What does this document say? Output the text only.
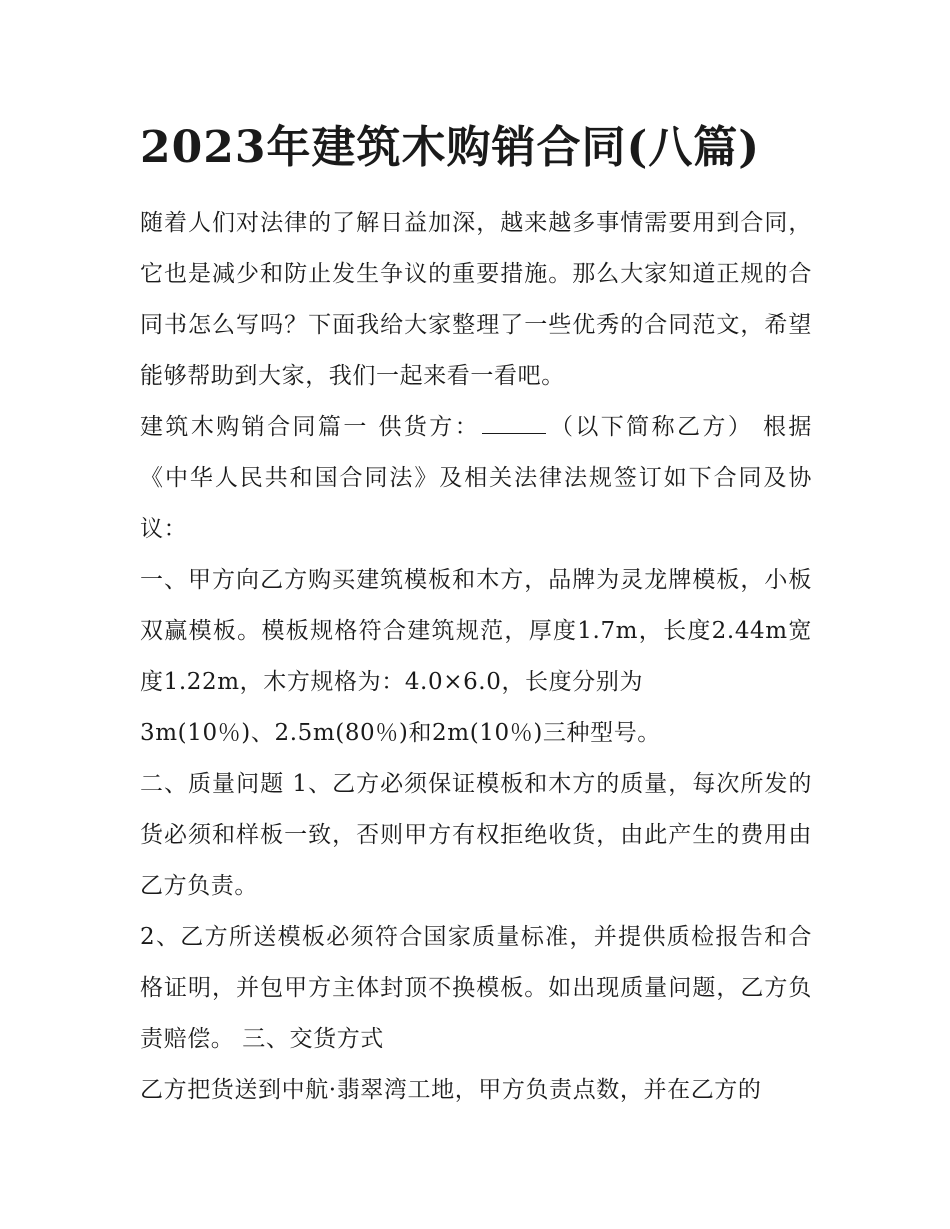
2023年建筑木购销合同(八篇)

随着人们对法律的了解日益加深，越来越多事情需要用到合同，它也是减少和防止发生争议的重要措施。那么大家知道正规的合同书怎么写吗？下面我给大家整理了一些优秀的合同范文，希望能够帮助到大家，我们一起来看一看吧。

建筑木购销合同篇一 供货方：	（以下简称乙方） 根据《中华人民共和国合同法》及相关法律法规签订如下合同及协议：

一、甲方向乙方购买建筑模板和木方，品牌为灵龙牌模板，小板双赢模板。模板规格符合建筑规范，厚度1.7m，长度2.44m宽度1.22m，木方规格为：4.0×6.0，长度分别为

3m(10％)、2.5m(80％)和2m(10％)三种型号。

二、质量问题 1、乙方必须保证模板和木方的质量，每次所发的货必须和样板一致，否则甲方有权拒绝收货，由此产生的费用由乙方负责。

2、乙方所送模板必须符合国家质量标准，并提供质检报告和合格证明，并包甲方主体封顶不换模板。如出现质量问题，乙方负责赔偿。 三、交货方式

乙方把货送到中航·翡翠湾工地，甲方负责点数，并在乙方的
